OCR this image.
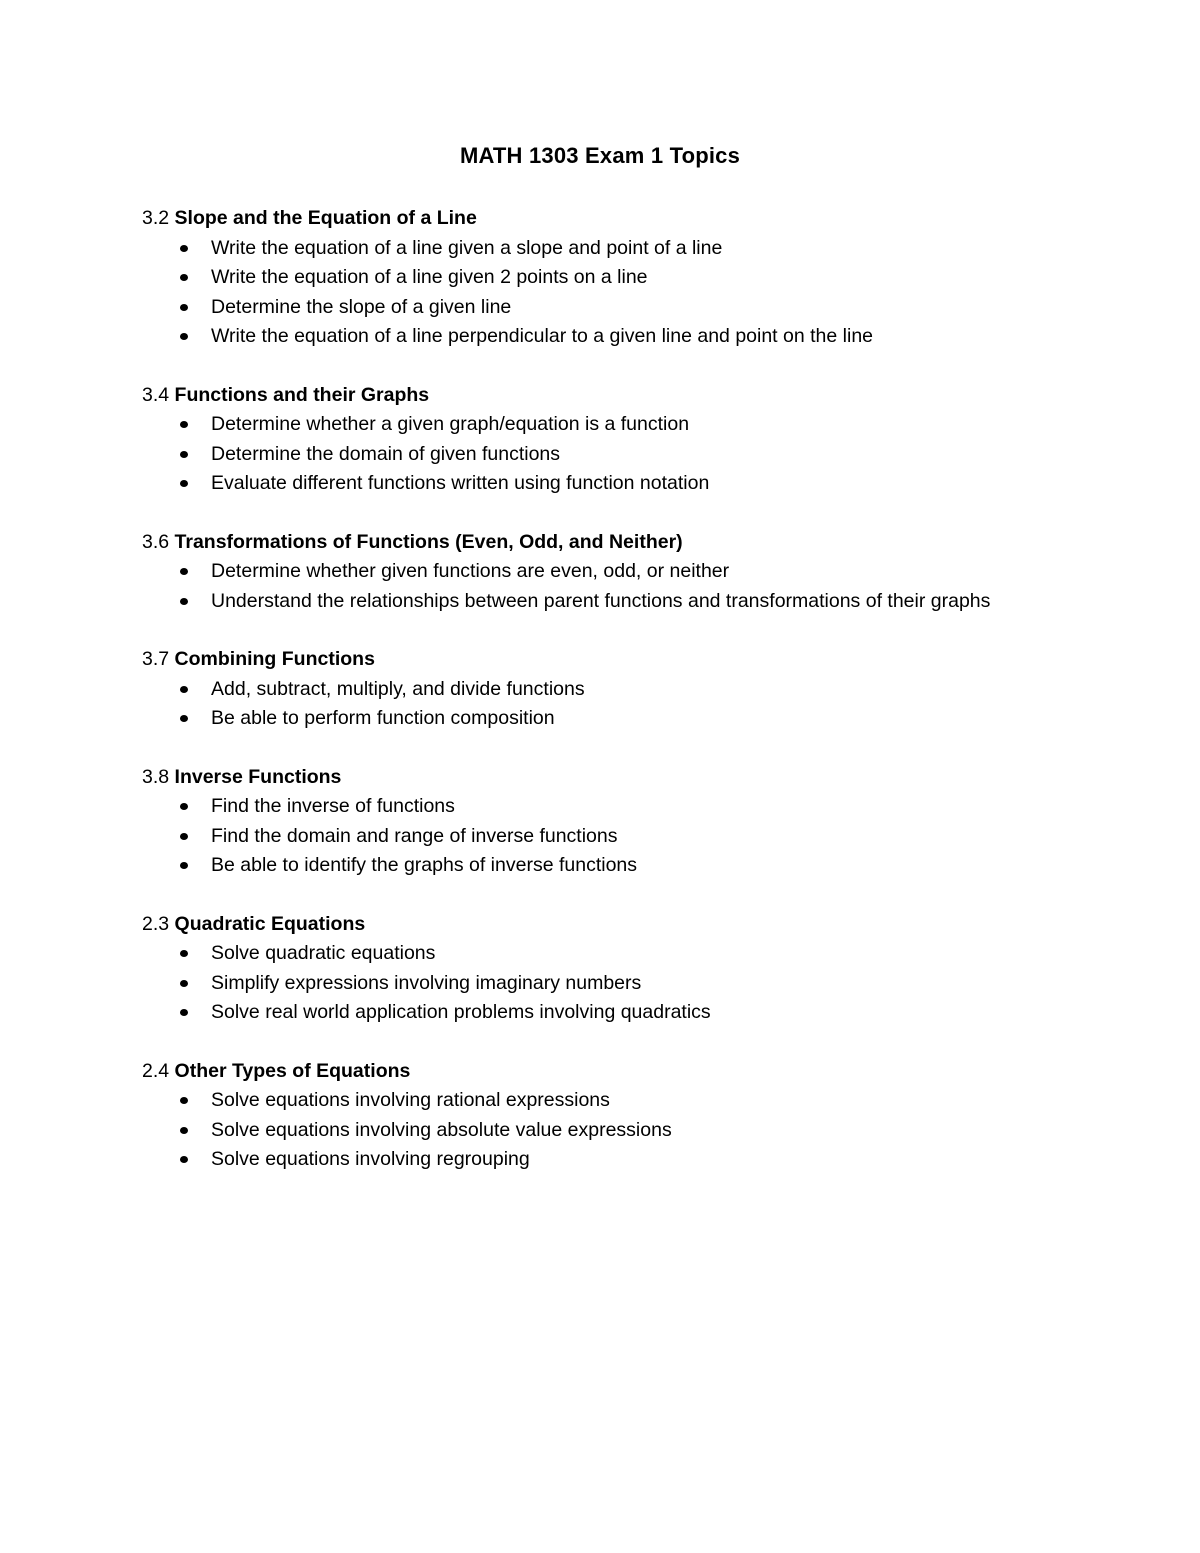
MATH 1303 Exam 1 Topics
3.2 Slope and the Equation of a Line
Write the equation of a line given a slope and point of a line
Write the equation of a line given 2 points on a line
Determine the slope of a given line
Write the equation of a line perpendicular to a given line and point on the line
3.4 Functions and their Graphs
Determine whether a given graph/equation is a function
Determine the domain of given functions
Evaluate different functions written using function notation
3.6 Transformations of Functions (Even, Odd, and Neither)
Determine whether given functions are even, odd, or neither
Understand the relationships between parent functions and transformations of their graphs
3.7 Combining Functions
Add, subtract, multiply, and divide functions
Be able to perform function composition
3.8 Inverse Functions
Find the inverse of functions
Find the domain and range of inverse functions
Be able to identify the graphs of inverse functions
2.3 Quadratic Equations
Solve quadratic equations
Simplify expressions involving imaginary numbers
Solve real world application problems involving quadratics
2.4 Other Types of Equations
Solve equations involving rational expressions
Solve equations involving absolute value expressions
Solve equations involving regrouping
